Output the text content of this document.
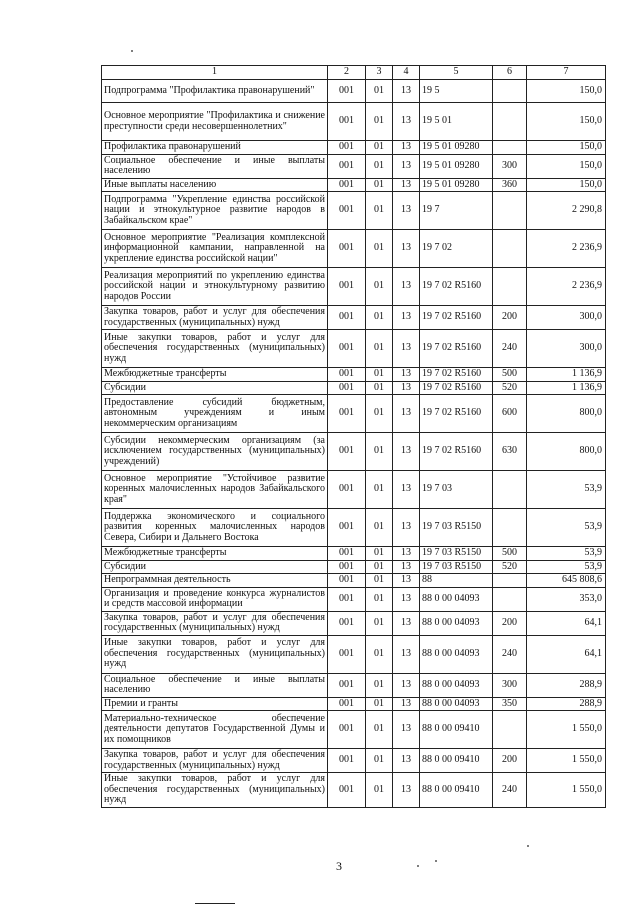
1	2	3	4	5	6	7
Подпрограмма "Профилактика правонарушений"	001	01	13	19 5		150,0
Основное мероприятие "Профилактика и снижение преступности среди несовершеннолетних"	001	01	13	19 5 01		150,0
Профилактика правонарушений	001	01	13	19 5 01 09280		150,0
Социальное обеспечение и иные выплаты населению	001	01	13	19 5 01 09280	300	150,0
Иные выплаты населению	001	01	13	19 5 01 09280	360	150,0
Подпрограмма "Укрепление единства российской нации и этнокультурное развитие народов в Забайкальском крае"	001	01	13	19 7		2 290,8
Основное мероприятие "Реализация комплексной информационной кампании, направленной на укрепление единства российской нации"	001	01	13	19 7 02		2 236,9
Реализация мероприятий по укреплению единства российской нации и этнокультурному развитию народов России	001	01	13	19 7 02 R5160		2 236,9
Закупка товаров, работ и услуг для обеспечения государственных (муниципальных) нужд	001	01	13	19 7 02 R5160	200	300,0
Иные закупки товаров, работ и услуг для обеспечения государственных (муниципальных) нужд	001	01	13	19 7 02 R5160	240	300,0
Межбюджетные трансферты	001	01	13	19 7 02 R5160	500	1 136,9
Субсидии	001	01	13	19 7 02 R5160	520	1 136,9
Предоставление субсидий бюджетным, автономным учреждениям и иным некоммерческим организациям	001	01	13	19 7 02 R5160	600	800,0
Субсидии некоммерческим организациям (за исключением государственных (муниципальных) учреждений)	001	01	13	19 7 02 R5160	630	800,0
Основное мероприятие "Устойчивое развитие коренных малочисленных народов Забайкальского края"	001	01	13	19 7 03		53,9
Поддержка экономического и социального развития коренных малочисленных народов Севера, Сибири и Дальнего Востока	001	01	13	19 7 03 R5150		53,9
Межбюджетные трансферты	001	01	13	19 7 03 R5150	500	53,9
Субсидии	001	01	13	19 7 03 R5150	520	53,9
Непрограммная деятельность	001	01	13	88		645 808,6
Организация и проведение конкурса журналистов и средств массовой информации	001	01	13	88 0 00 04093		353,0
Закупка товаров, работ и услуг для обеспечения государственных (муниципальных) нужд	001	01	13	88 0 00 04093	200	64,1
Иные закупки товаров, работ и услуг для обеспечения государственных (муниципальных) нужд	001	01	13	88 0 00 04093	240	64,1
Социальное обеспечение и иные выплаты населению	001	01	13	88 0 00 04093	300	288,9
Премии и гранты	001	01	13	88 0 00 04093	350	288,9
Материально-техническое обеспечение деятельности депутатов Государственной Думы и их помощников	001	01	13	88 0 00 09410		1 550,0
Закупка товаров, работ и услуг для обеспечения государственных (муниципальных) нужд	001	01	13	88 0 00 09410	200	1 550,0
Иные закупки товаров, работ и услуг для обеспечения государственных (муниципальных) нужд	001	01	13	88 0 00 09410	240	1 550,0
3
